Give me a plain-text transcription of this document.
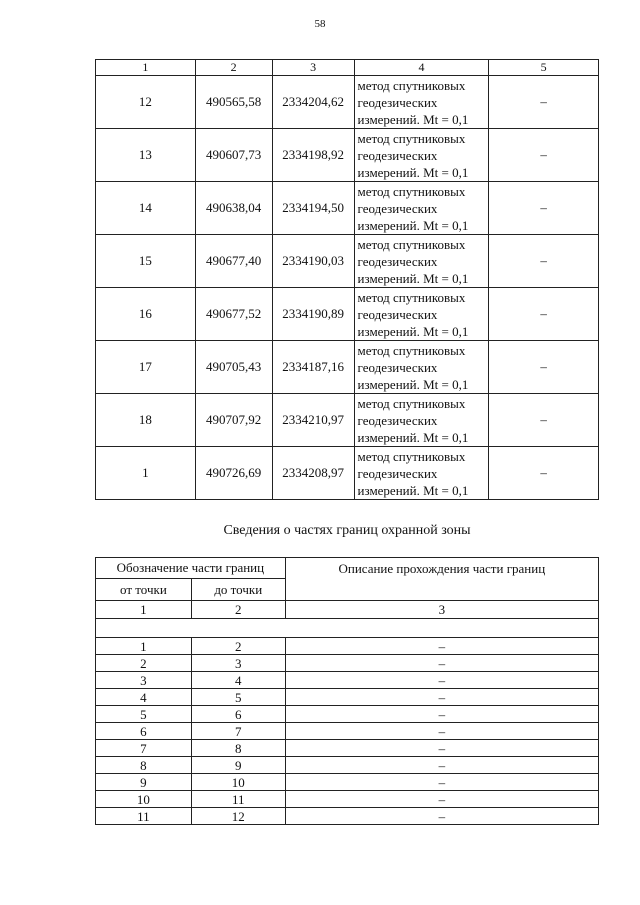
58
1	2	3	4	5
12	490565,58	2334204,62	метод спутниковых
геодезических
измерений. Mt = 0,1	–
13	490607,73	2334198,92	метод спутниковых
геодезических
измерений. Mt = 0,1	–
14	490638,04	2334194,50	метод спутниковых
геодезических
измерений. Mt = 0,1	–
15	490677,40	2334190,03	метод спутниковых
геодезических
измерений. Mt = 0,1	–
16	490677,52	2334190,89	метод спутниковых
геодезических
измерений. Mt = 0,1	–
17	490705,43	2334187,16	метод спутниковых
геодезических
измерений. Mt = 0,1	–
18	490707,92	2334210,97	метод спутниковых
геодезических
измерений. Mt = 0,1	–
1	490726,69	2334208,97	метод спутниковых
геодезических
измерений. Mt = 0,1	–
Сведения о частях границ охранной зоны
Обозначение части границ		Описание прохождения части границ
от точки	до точки	
1	2	3

1	2	–
2	3	–
3	4	–
4	5	–
5	6	–
6	7	–
7	8	–
8	9	–
9	10	–
10	11	–
11	12	–
